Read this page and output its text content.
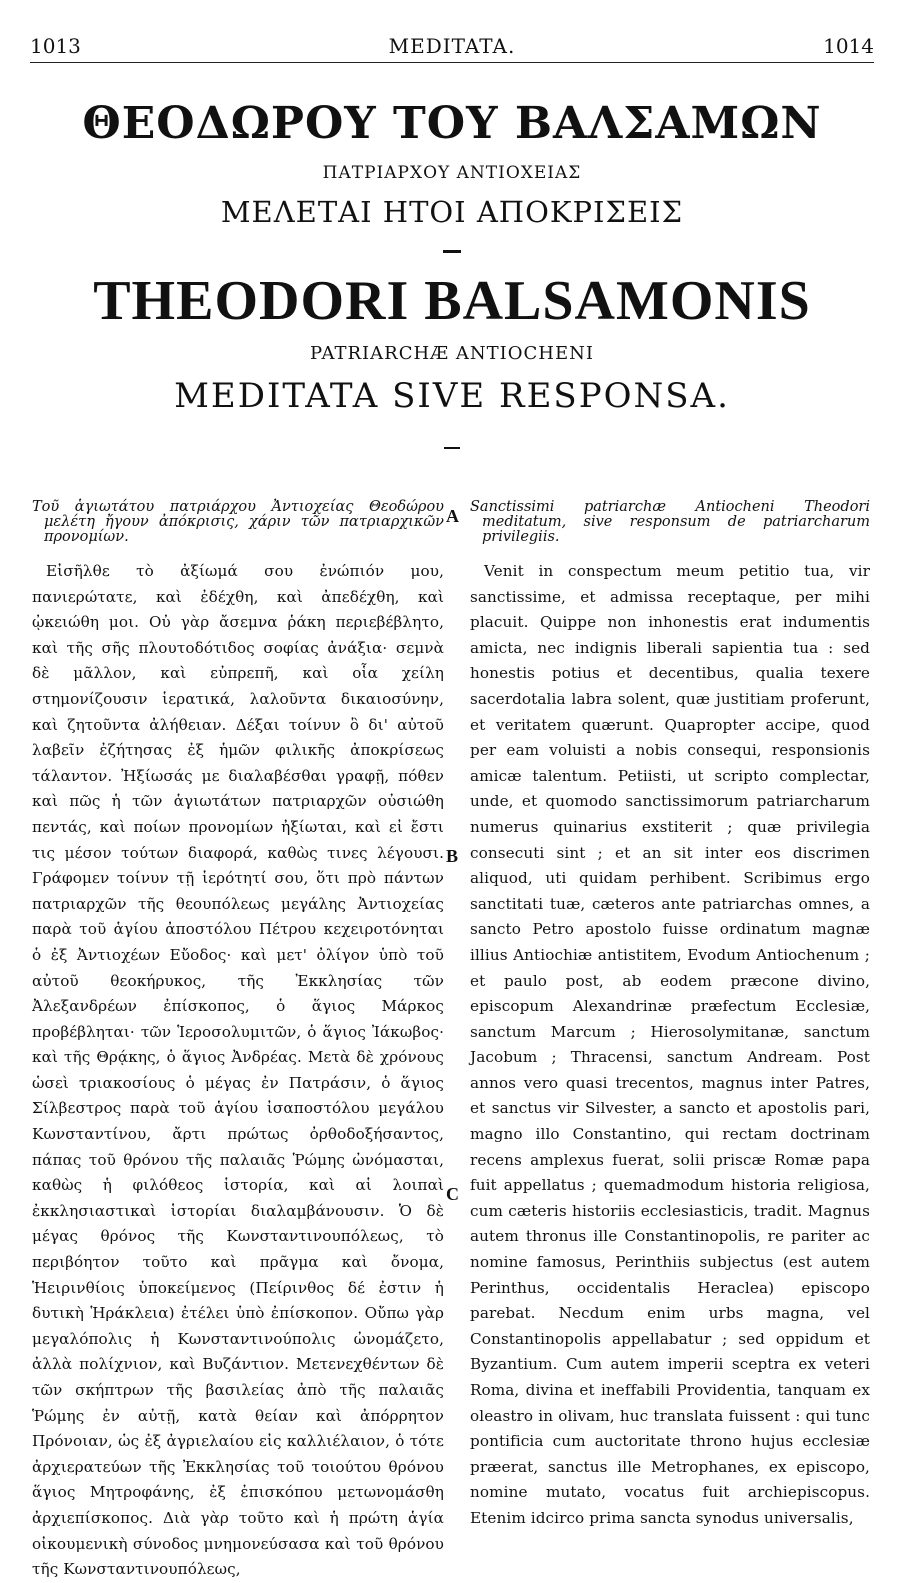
1013	MEDITATA.	1014
ΘΕΟΔΩΡΟΥ ΤΟΥ ΒΑΛΣΑΜΩΝ
ΠΑΤΡΙΑΡΧΟΥ ΑΝΤΙΟΧΕΙΑΣ
ΜΕΛΕΤΑΙ ΗΤΟΙ ΑΠΟΚΡΙΣΕΙΣ
THEODORI BALSAMONIS
PATRIARCHÆ ANTIOCHENI
MEDITATA SIVE RESPONSA.

Τοῦ ἁγιωτάτου πατριάρχου Ἀντιοχείας Θεοδώρου μελέτη ἤγουν ἀπόκρισις, χάριν τῶν πατριαρχικῶν προνομίων.

Εἰσῆλθε τὸ ἀξίωμά σου ἐνώπιόν μου, πανιερώτατε, καὶ ἐδέχθη, καὶ ἀπεδέχθη, καὶ ᾠκειώθη μοι. Οὐ γὰρ ἄσεμνα ῥάκη περιεβέβλητο, καὶ τῆς σῆς πλουτοδότιδος σοφίας ἀνάξια· σεμνὰ δὲ μᾶλλον, καὶ εὐπρεπῆ, καὶ οἷα χείλη στημονίζουσιν ἱερατικά, λαλοῦντα δικαιοσύνην, καὶ ζητοῦντα ἀλήθειαν. Δέξαι τοίνυν ὃ δι' αὐτοῦ λαβεῖν ἐζήτησας ἐξ ἡμῶν φιλικῆς ἀποκρίσεως τάλαντον. Ἠξίωσάς με διαλαβέσθαι γραφῇ, πόθεν καὶ πῶς ἡ τῶν ἁγιωτάτων πατριαρχῶν οὐσιώθη πεντάς, καὶ ποίων προνομίων ἠξίωται, καὶ εἰ ἔστι τις μέσον τούτων διαφορά, καθὼς τινες λέγουσι. Γράφομεν τοίνυν τῇ ἱερότητί σου, ὅτι πρὸ πάντων πατριαρχῶν τῆς θεουπόλεως μεγάλης Ἀντιοχείας παρὰ τοῦ ἁγίου ἀποστόλου Πέτρου κεχειροτόνηται ὁ ἐξ Ἀντιοχέων Εὔοδος· καὶ μετ' ὀλίγον ὑπὸ τοῦ αὐτοῦ θεοκήρυκος, τῆς Ἐκκλησίας τῶν Ἀλεξανδρέων ἐπίσκοπος, ὁ ἅγιος Μάρκος προβέβληται· τῶν Ἱεροσολυμιτῶν, ὁ ἅγιος Ἰάκωβος· καὶ τῆς Θρᾴκης, ὁ ἅγιος Ἀνδρέας. Μετὰ δὲ χρόνους ὡσεὶ τριακοσίους ὁ μέγας ἐν Πατράσιν, ὁ ἅγιος Σίλβεστρος παρὰ τοῦ ἁγίου ἰσαποστόλου μεγάλου Κωνσταντίνου, ἄρτι πρώτως ὀρθοδοξήσαντος, πάπας τοῦ θρόνου τῆς παλαιᾶς Ῥώμης ὠνόμασται, καθὼς ἡ φιλόθεος ἱστορία, καὶ αἱ λοιπαὶ ἐκκλησιαστικαὶ ἱστορίαι διαλαμβάνουσιν. Ὁ δὲ μέγας θρόνος τῆς Κωνσταντινουπόλεως, τὸ περιβόητον τοῦτο καὶ πρᾶγμα καὶ ὄνομα, Ἡειρινθίοις ὑποκείμενος (Πείρινθος δέ ἐστιν ἡ δυτικὴ Ἡράκλεια) ἐτέλει ὑπὸ ἐπίσκοπον. Οὔπω γὰρ μεγαλόπολις ἡ Κωνσταντινούπολις ὠνομάζετο, ἀλλὰ πολίχνιον, καὶ Βυζάντιον. Μετενεχθέντων δὲ τῶν σκήπτρων τῆς βασιλείας ἀπὸ τῆς παλαιᾶς Ῥώμης ἐν αὐτῇ, κατὰ θείαν καὶ ἀπόρρητον Πρόνοιαν, ὡς ἐξ ἀγριελαίου εἰς καλλιέλαιον, ὁ τότε ἀρχιερατεύων τῆς Ἐκκλησίας τοῦ τοιούτου θρόνου ἅγιος Μητροφάνης, ἐξ ἐπισκόπου μετωνομάσθη ἀρχιεπίσκοπος. Διὰ γὰρ τοῦτο καὶ ἡ πρώτη ἁγία οἰκουμενικὴ σύνοδος μνημονεύσασα καὶ τοῦ θρόνου τῆς Κωνσταντινουπόλεως,

Sanctissimi patriarchæ Antiocheni Theodori meditatum, sive responsum de patriarcharum privilegiis.

Venit in conspectum meum petitio tua, vir sanctissime, et admissa receptaque, per mihi placuit. Quippe non inhonestis erat indumentis amicta, nec indignis liberali sapientia tua : sed honestis potius et decentibus, qualia texere sacerdotalia labra solent, quæ justitiam proferunt, et veritatem quærunt. Quapropter accipe, quod per eam voluisti a nobis consequi, responsionis amicæ talentum. Petiisti, ut scripto complectar, unde, et quomodo sanctissimorum patriarcharum numerus quinarius exstiterit ; quæ privilegia consecuti sint ; et an sit inter eos discrimen aliquod, uti quidam perhibent. Scribimus ergo sanctitati tuæ, cæteros ante patriarchas omnes, a sancto Petro apostolo fuisse ordinatum magnæ illius Antiochiæ antistitem, Evodum Antiochenum ; et paulo post, ab eodem præcone divino, episcopum Alexandrinæ præfectum Ecclesiæ, sanctum Marcum ; Hierosolymitanæ, sanctum Jacobum ; Thracensi, sanctum Andream. Post annos vero quasi trecentos, magnus inter Patres, et sanctus vir Silvester, a sancto et apostolis pari, magno illo Constantino, qui rectam doctrinam recens amplexus fuerat, solii priscæ Romæ papa fuit appellatus ; quemadmodum historia religiosa, cum cæteris historiis ecclesiasticis, tradit. Magnus autem thronus ille Constantinopolis, re pariter ac nomine famosus, Perinthiis subjectus (est autem Perinthus, occidentalis Heraclea) episcopo parebat. Necdum enim urbs magna, vel Constantinopolis appellabatur ; sed oppidum et Byzantium. Cum autem imperii sceptra ex veteri Roma, divina et ineffabili Providentia, tanquam ex oleastro in olivam, huc translata fuissent : qui tunc pontificia cum auctoritate throno hujus ecclesiæ præerat, sanctus ille Metrophanes, ex episcopo, nomine mutato, vocatus fuit archiepiscopus. Etenim idcirco prima sancta synodus universalis,

A
B
C
